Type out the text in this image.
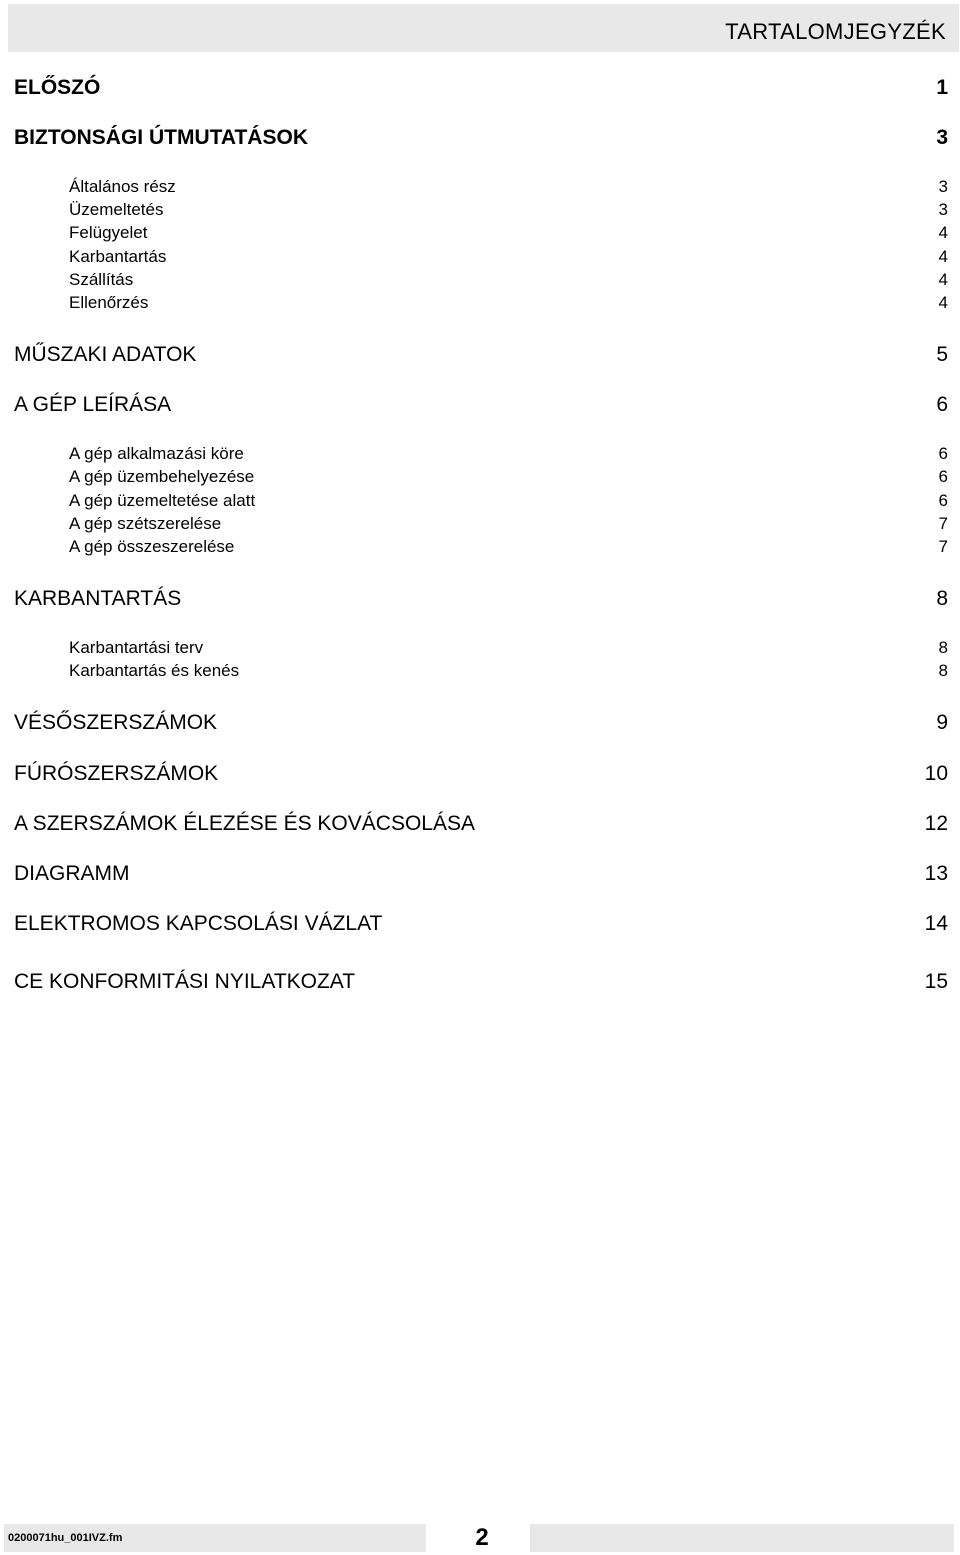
TARTALOMJEGYZÉK
ELŐSZÓ	1
BIZTONSÁGI ÚTMUTATÁSOK	3
Általános rész	3
Üzemeltetés	3
Felügyelet	4
Karbantartás	4
Szállítás	4
Ellenőrzés	4
MŰSZAKI ADATOK	5
A GÉP LEÍRÁSA	6
A gép alkalmazási köre	6
A gép üzembehelyezése	6
A gép üzemeltetése alatt	6
A gép szétszerelése	7
A gép összeszerelése	7
KARBANTARTÁS	8
Karbantartási terv	8
Karbantartás és kenés	8
VÉSŐSZERSZÁMOK	9
FÚRÓSZERSZÁMOK	10
A SZERSZÁMOK ÉLEZÉSE ÉS KOVÁCSOLÁSA	12
DIAGRAMM	13
ELEKTROMOS KAPCSOLÁSI VÁZLAT	14
CE KONFORMITÁSI NYILATKOZAT	15
0200071hu_001IVZ.fm	2
